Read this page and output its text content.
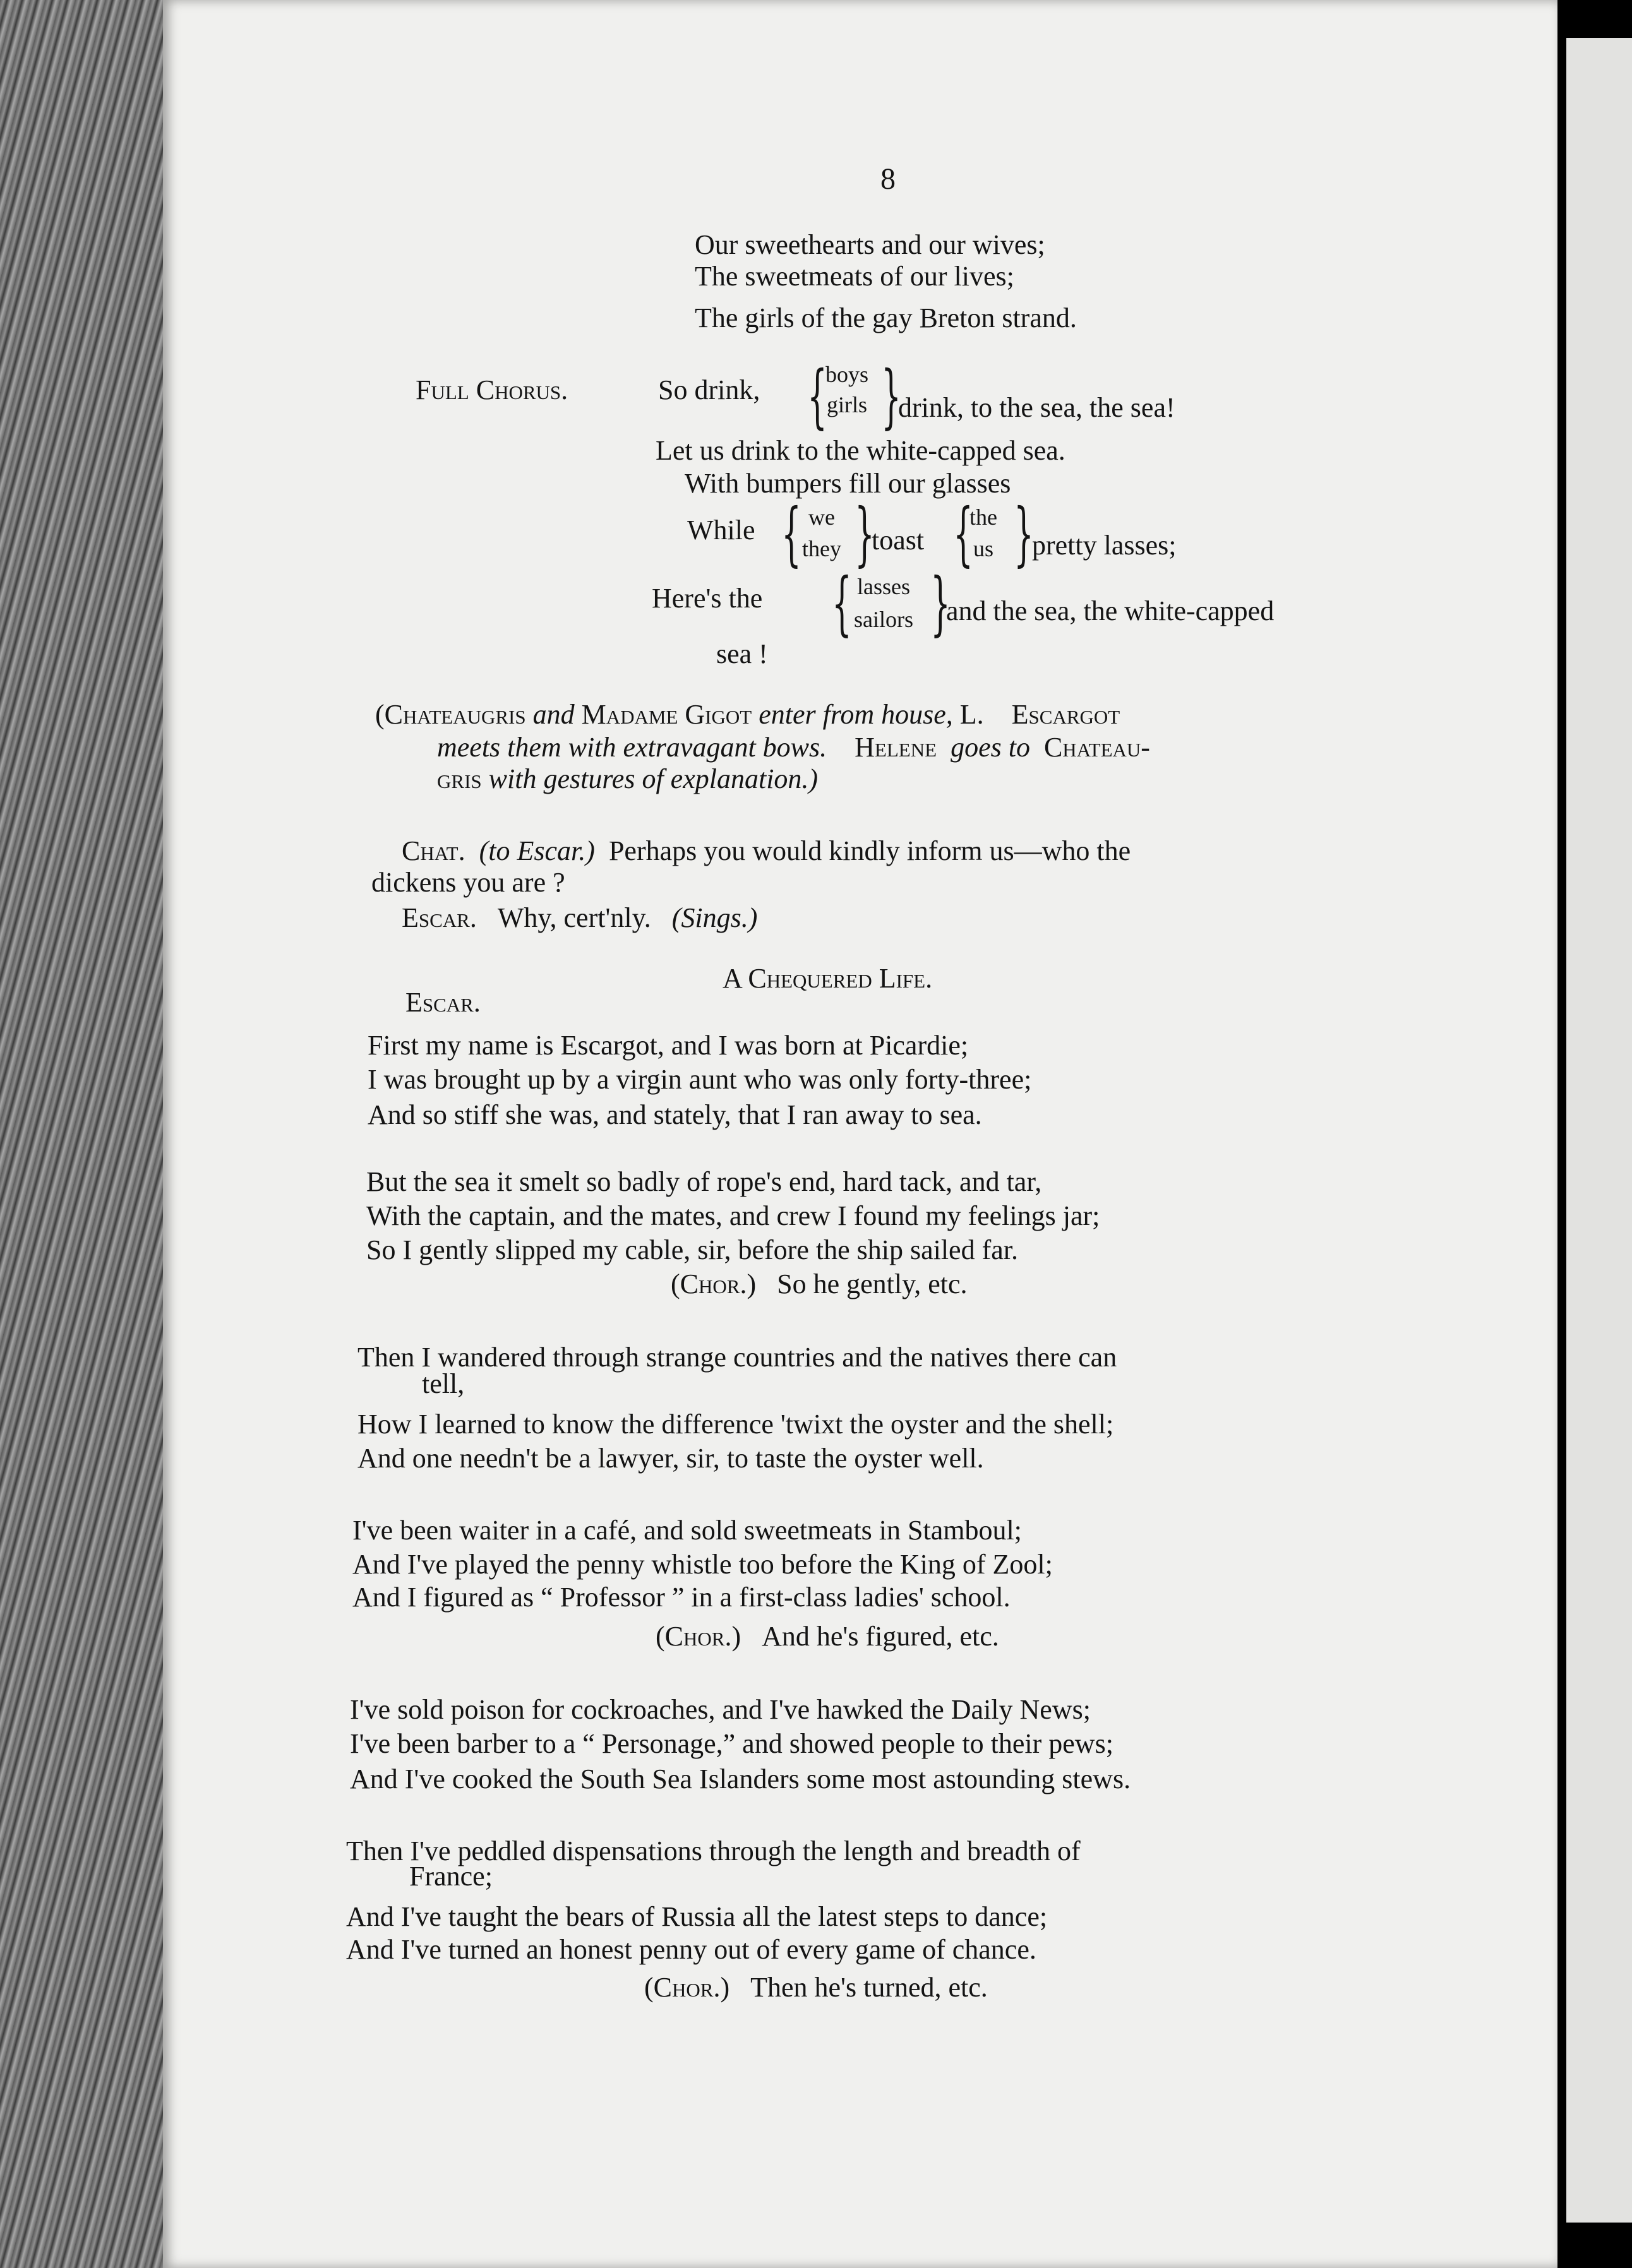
8
Our sweethearts and our wives;
The sweetmeats of our lives;
The girls of the gay Breton strand.
Full Chorus.	So drink, {
boys
girls }
drink, to the sea, the sea!
Let us drink to the white-capped sea.
With bumpers fill our glasses
While { we
they }
toast {
the
us }
pretty lasses;
Here's the { lasses
sailors }
and the sea, the white-capped
sea !
(Chateaugris and Madame Gigot enter from house, L. Escargot
meets them with extravagant bows. Helene goes to Chateau-
gris with gestures of explanation.)
Chat. (to Escar.) Perhaps you would kindly inform us—who the
dickens you are ?
Escar. Why, cert'nly. (Sings.)
A Chequered Life.
Escar.
First my name is Escargot, and I was born at Picardie;
I was brought up by a virgin aunt who was only forty-three;
And so stiff she was, and stately, that I ran away to sea.
But the sea it smelt so badly of rope's end, hard tack, and tar,
With the captain, and the mates, and crew I found my feelings jar;
So I gently slipped my cable, sir, before the ship sailed far.
(Chor.) So he gently, etc.
Then I wandered through strange countries and the natives there can
tell,
How I learned to know the difference 'twixt the oyster and the shell;
And one needn't be a lawyer, sir, to taste the oyster well.
I've been waiter in a café, and sold sweetmeats in Stamboul;
And I've played the penny whistle too before the King of Zool;
And I figured as “ Professor ” in a first-class ladies' school.
(Chor.) And he's figured, etc.
I've sold poison for cockroaches, and I've hawked the Daily News;
I've been barber to a “ Personage,” and showed people to their pews;
And I've cooked the South Sea Islanders some most astounding stews.
Then I've peddled dispensations through the length and breadth of
France;
And I've taught the bears of Russia all the latest steps to dance;
And I've turned an honest penny out of every game of chance.
(Chor.) Then he's turned, etc.
